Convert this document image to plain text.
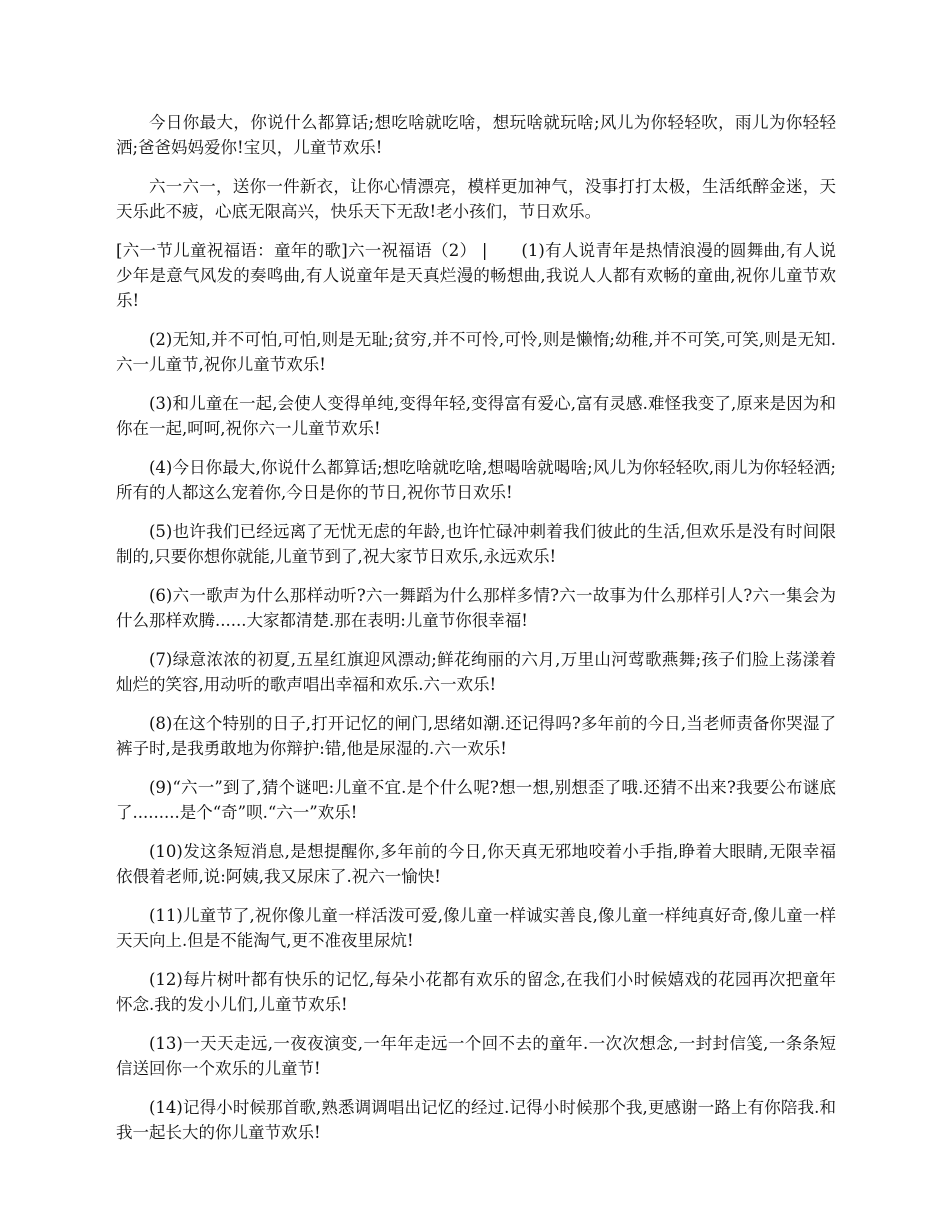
今日你最大，你说什么都算话;想吃啥就吃啥，想玩啥就玩啥;风儿为你轻轻吹，雨儿为你轻轻洒;爸爸妈妈爱你!宝贝，儿童节欢乐!

六一六一，送你一件新衣，让你心情漂亮，模样更加神气，没事打打太极，生活纸醉金迷，天天乐此不疲，心底无限高兴，快乐天下无敌!老小孩们，节日欢乐。

[六一节儿童祝福语：童年的歌]六一祝福语（2） |　　(1)有人说青年是热情浪漫的圆舞曲,有人说少年是意气风发的奏鸣曲,有人说童年是天真烂漫的畅想曲,我说人人都有欢畅的童曲,祝你儿童节欢乐!

(2)无知,并不可怕,可怕,则是无耻;贫穷,并不可怜,可怜,则是懒惰;幼稚,并不可笑,可笑,则是无知.六一儿童节,祝你儿童节欢乐!

(3)和儿童在一起,会使人变得单纯,变得年轻,变得富有爱心,富有灵感.难怪我变了,原来是因为和你在一起,呵呵,祝你六一儿童节欢乐!

(4)今日你最大,你说什么都算话;想吃啥就吃啥,想喝啥就喝啥;风儿为你轻轻吹,雨儿为你轻轻洒;所有的人都这么宠着你,今日是你的节日,祝你节日欢乐!

(5)也许我们已经远离了无忧无虑的年龄,也许忙碌冲刺着我们彼此的生活,但欢乐是没有时间限制的,只要你想你就能,儿童节到了,祝大家节日欢乐,永远欢乐!

(6)六一歌声为什么那样动听?六一舞蹈为什么那样多情?六一故事为什么那样引人?六一集会为什么那样欢腾......大家都清楚.那在表明:儿童节你很幸福!

(7)绿意浓浓的初夏,五星红旗迎风漂动;鲜花绚丽的六月,万里山河莺歌燕舞;孩子们脸上荡漾着灿烂的笑容,用动听的歌声唱出幸福和欢乐.六一欢乐!

(8)在这个特别的日子,打开记忆的闸门,思绪如潮.还记得吗?多年前的今日,当老师责备你哭湿了裤子时,是我勇敢地为你辩护:错,他是尿湿的.六一欢乐!

(9)“六一”到了,猜个谜吧:儿童不宜.是个什么呢?想一想,别想歪了哦.还猜不出来?我要公布谜底了.........是个“奇”呗.“六一”欢乐!

(10)发这条短消息,是想提醒你,多年前的今日,你天真无邪地咬着小手指,睁着大眼睛,无限幸福依偎着老师,说:阿姨,我又尿床了.祝六一愉快!

(11)儿童节了,祝你像儿童一样活泼可爱,像儿童一样诚实善良,像儿童一样纯真好奇,像儿童一样天天向上.但是不能淘气,更不准夜里尿炕!

(12)每片树叶都有快乐的记忆,每朵小花都有欢乐的留念,在我们小时候嬉戏的花园再次把童年怀念.我的发小儿们,儿童节欢乐!

(13)一天天走远,一夜夜演变,一年年走远一个回不去的童年.一次次想念,一封封信笺,一条条短信送回你一个欢乐的儿童节!

(14)记得小时候那首歌,熟悉调调唱出记忆的经过.记得小时候那个我,更感谢一路上有你陪我.和我一起长大的你儿童节欢乐!
